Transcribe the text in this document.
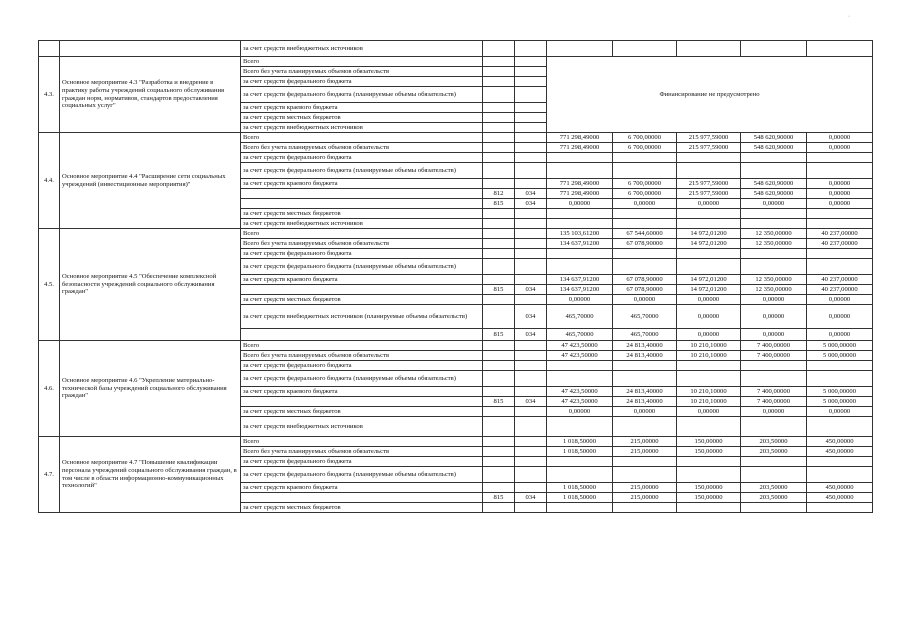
·
		за счет средств внебюджетных источников							
4.3.	Основное мероприятие 4.3 "Разработка и внедрение в практику работы учреждений социального обслуживания граждан норм, нормативов, стандартов предоставления социальных услуг"	Всего			Финансирование не предусмотрено				
		Всего без учета планируемых объемов обязательств							
		за счет средств федерального бюджета							
		за счет средств федерального бюджета (планируемые объемы обязательств)							
		за счет средств краевого бюджета							
		за счет средств местных бюджетов							
		за счет средств внебюджетных источников							
4.4.	Основное мероприятие 4.4 "Расширение сети социальных учреждений (инвестиционные мероприятия)"	Всего			771 298,49000	6 700,00000	215 977,59000	548 620,90000	0,00000
		Всего без учета планируемых объемов обязательств			771 298,49000	6 700,00000	215 977,59000	548 620,90000	0,00000
		за счет средств федерального бюджета							
		за счет средств федерального бюджета (планируемые объемы обязательств)							
		за счет средств краевого бюджета			771 298,49000	6 700,00000	215 977,59000	548 620,90000	0,00000
			812	034	771 298,49000	6 700,00000	215 977,59000	548 620,90000	0,00000
			815	034	0,00000	0,00000	0,00000	0,00000	0,00000
		за счет средств местных бюджетов							
		за счет средств внебюджетных источников							
4.5.	Основное мероприятие 4.5 "Обеспечение комплексной безопасности учреждений социального обслуживания граждан"	Всего			135 103,61200	67 544,60000	14 972,01200	12 350,00000	40 237,00000
		Всего без учета планируемых объемов обязательств			134 637,91200	67 078,90000	14 972,01200	12 350,00000	40 237,00000
		за счет средств федерального бюджета							
		за счет средств федерального бюджета (планируемые объемы обязательств)							
		за счет средств краевого бюджета			134 637,91200	67 078,90000	14 972,01200	12 350,00000	40 237,00000
			815	034	134 637,91200	67 078,90000	14 972,01200	12 350,00000	40 237,00000
		за счет средств местных бюджетов			0,00000	0,00000	0,00000	0,00000	0,00000
		за счет средств внебюджетных источников (планируемые объемы обязательств)		034	465,70000	465,70000	0,00000	0,00000	0,00000
			815	034	465,70000	465,70000	0,00000	0,00000	0,00000
4.6.	Основное мероприятие 4.6 "Укрепление материально-технической базы учреждений социального обслуживания граждан"	Всего			47 423,50000	24 813,40000	10 210,10000	7 400,00000	5 000,00000
		Всего без учета планируемых объемов обязательств			47 423,50000	24 813,40000	10 210,10000	7 400,00000	5 000,00000
		за счет средств федерального бюджета							
		за счет средств федерального бюджета (планируемые объемы обязательств)							
		за счет средств краевого бюджета			47 423,50000	24 813,40000	10 210,10000	7 400,00000	5 000,00000
			815	034	47 423,50000	24 813,40000	10 210,10000	7 400,00000	5 000,00000
		за счет средств местных бюджетов			0,00000	0,00000	0,00000	0,00000	0,00000
		за счет средств внебюджетных источников							
4.7.	Основное мероприятие 4.7 "Повышение квалификации персонала учреждений социального обслуживания граждан, в том числе в области информационно-коммуникационных технологий"	Всего			1 018,50000	215,00000	150,00000	203,50000	450,00000
		Всего без учета планируемых объемов обязательств			1 018,50000	215,00000	150,00000	203,50000	450,00000
		за счет средств федерального бюджета							
		за счет средств федерального бюджета (планируемые объемы обязательств)							
		за счет средств краевого бюджета			1 018,50000	215,00000	150,00000	203,50000	450,00000
			815	034	1 018,50000	215,00000	150,00000	203,50000	450,00000
		за счет средств местных бюджетов							
